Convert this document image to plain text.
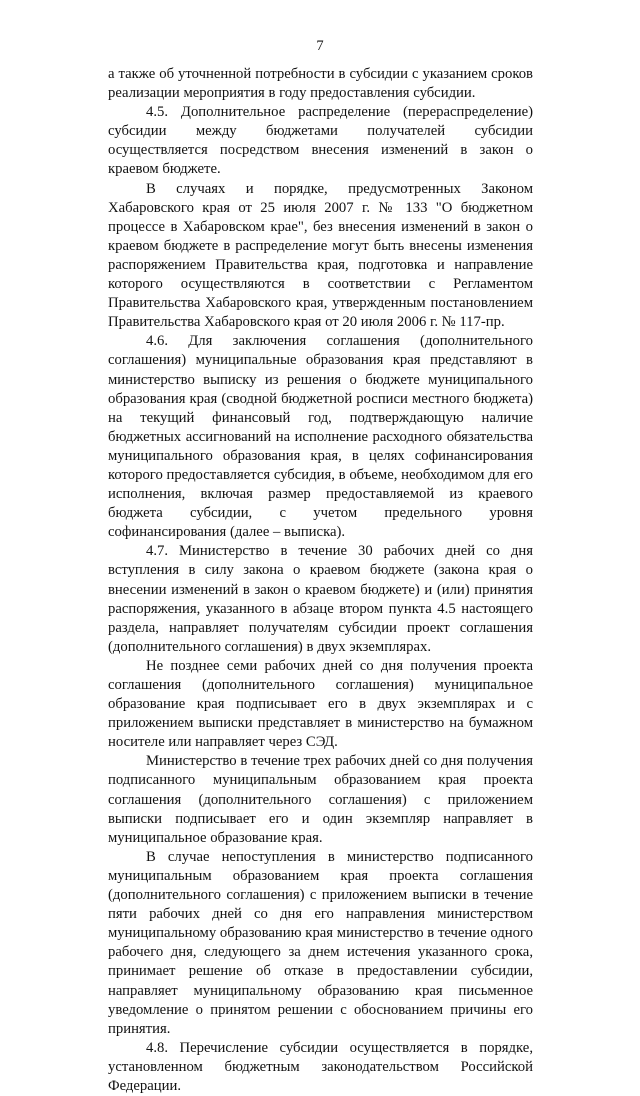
7

а также об уточненной потребности в субсидии с указанием сроков реализации мероприятия в году предоставления субсидии.

4.5. Дополнительное распределение (перераспределение) субсидии между бюджетами получателей субсидии осуществляется посредством внесения изменений в закон о краевом бюджете.

В случаях и порядке, предусмотренных Законом Хабаровского края от 25 июля 2007 г. № 133 "О бюджетном процессе в Хабаровском крае", без внесения изменений в закон о краевом бюджете в распределение могут быть внесены изменения распоряжением Правительства края, подготовка и направление которого осуществляются в соответствии с Регламентом Правительства Хабаровского края, утвержденным постановлением Правительства Хабаровского края от 20 июля 2006 г. № 117-пр.

4.6. Для заключения соглашения (дополнительного соглашения) муниципальные образования края представляют в министерство выписку из решения о бюджете муниципального образования края (сводной бюджетной росписи местного бюджета) на текущий финансовый год, подтверждающую наличие бюджетных ассигнований на исполнение расходного обязательства муниципального образования края, в целях софинансирования которого предоставляется субсидия, в объеме, необходимом для его исполнения, включая размер предоставляемой из краевого бюджета субсидии, с учетом предельного уровня софинансирования (далее – выписка).

4.7. Министерство в течение 30 рабочих дней со дня вступления в силу закона о краевом бюджете (закона края о внесении изменений в закон о краевом бюджете) и (или) принятия распоряжения, указанного в абзаце втором пункта 4.5 настоящего раздела, направляет получателям субсидии проект соглашения (дополнительного соглашения) в двух экземплярах.

Не позднее семи рабочих дней со дня получения проекта соглашения (дополнительного соглашения) муниципальное образование края подписывает его в двух экземплярах и с приложением выписки представляет в министерство на бумажном носителе или направляет через СЭД.

Министерство в течение трех рабочих дней со дня получения подписанного муниципальным образованием края проекта соглашения (дополнительного соглашения) с приложением выписки подписывает его и один экземпляр направляет в муниципальное образование края.

В случае непоступления в министерство подписанного муниципальным образованием края проекта соглашения (дополнительного соглашения) с приложением выписки в течение пяти рабочих дней со дня его направления министерством муниципальному образованию края министерство в течение одного рабочего дня, следующего за днем истечения указанного срока, принимает решение об отказе в предоставлении субсидии, направляет муниципальному образованию края письменное уведомление о принятом решении с обоснованием причины его принятия.

4.8. Перечисление субсидии осуществляется в порядке, установленном бюджетным законодательством Российской Федерации.
